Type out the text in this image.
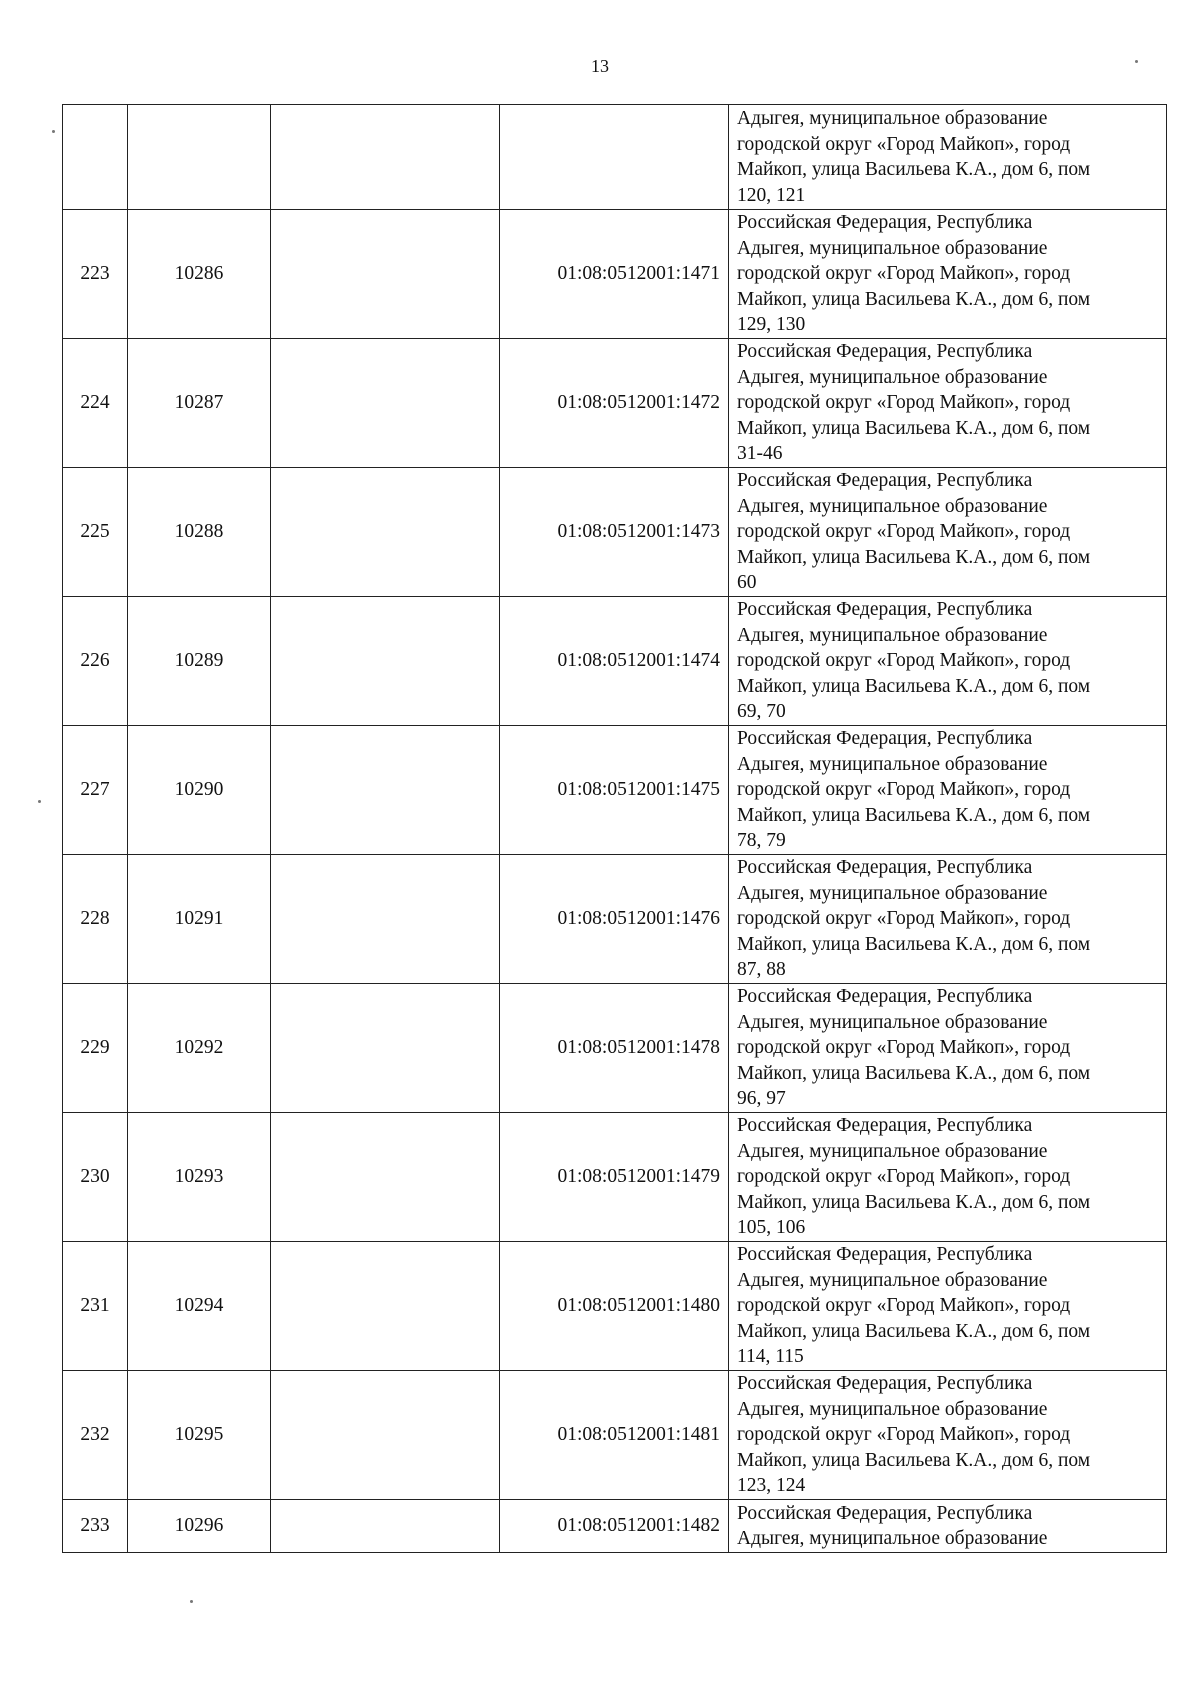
13

				Адыгея, муниципальное образование
городской округ «Город Майкоп», город
Майкоп, улица Васильева К.А., дом 6, пом
120, 121

223	10286		01:08:0512001:1471	Российская Федерация, Республика
Адыгея, муниципальное образование
городской округ «Город Майкоп», город
Майкоп, улица Васильева К.А., дом 6, пом
129, 130

224	10287		01:08:0512001:1472	Российская Федерация, Республика
Адыгея, муниципальное образование
городской округ «Город Майкоп», город
Майкоп, улица Васильева К.А., дом 6, пом
31-46

225	10288		01:08:0512001:1473	Российская Федерация, Республика
Адыгея, муниципальное образование
городской округ «Город Майкоп», город
Майкоп, улица Васильева К.А., дом 6, пом
60

226	10289		01:08:0512001:1474	Российская Федерация, Республика
Адыгея, муниципальное образование
городской округ «Город Майкоп», город
Майкоп, улица Васильева К.А., дом 6, пом
69, 70

227	10290		01:08:0512001:1475	Российская Федерация, Республика
Адыгея, муниципальное образование
городской округ «Город Майкоп», город
Майкоп, улица Васильева К.А., дом 6, пом
78, 79

228	10291		01:08:0512001:1476	Российская Федерация, Республика
Адыгея, муниципальное образование
городской округ «Город Майкоп», город
Майкоп, улица Васильева К.А., дом 6, пом
87, 88

229	10292		01:08:0512001:1478	Российская Федерация, Республика
Адыгея, муниципальное образование
городской округ «Город Майкоп», город
Майкоп, улица Васильева К.А., дом 6, пом
96, 97

230	10293		01:08:0512001:1479	Российская Федерация, Республика
Адыгея, муниципальное образование
городской округ «Город Майкоп», город
Майкоп, улица Васильева К.А., дом 6, пом
105, 106

231	10294		01:08:0512001:1480	Российская Федерация, Республика
Адыгея, муниципальное образование
городской округ «Город Майкоп», город
Майкоп, улица Васильева К.А., дом 6, пом
114, 115

232	10295		01:08:0512001:1481	Российская Федерация, Республика
Адыгея, муниципальное образование
городской округ «Город Майкоп», город
Майкоп, улица Васильева К.А., дом 6, пом
123, 124

233	10296		01:08:0512001:1482	Российская Федерация, Республика
Адыгея, муниципальное образование
